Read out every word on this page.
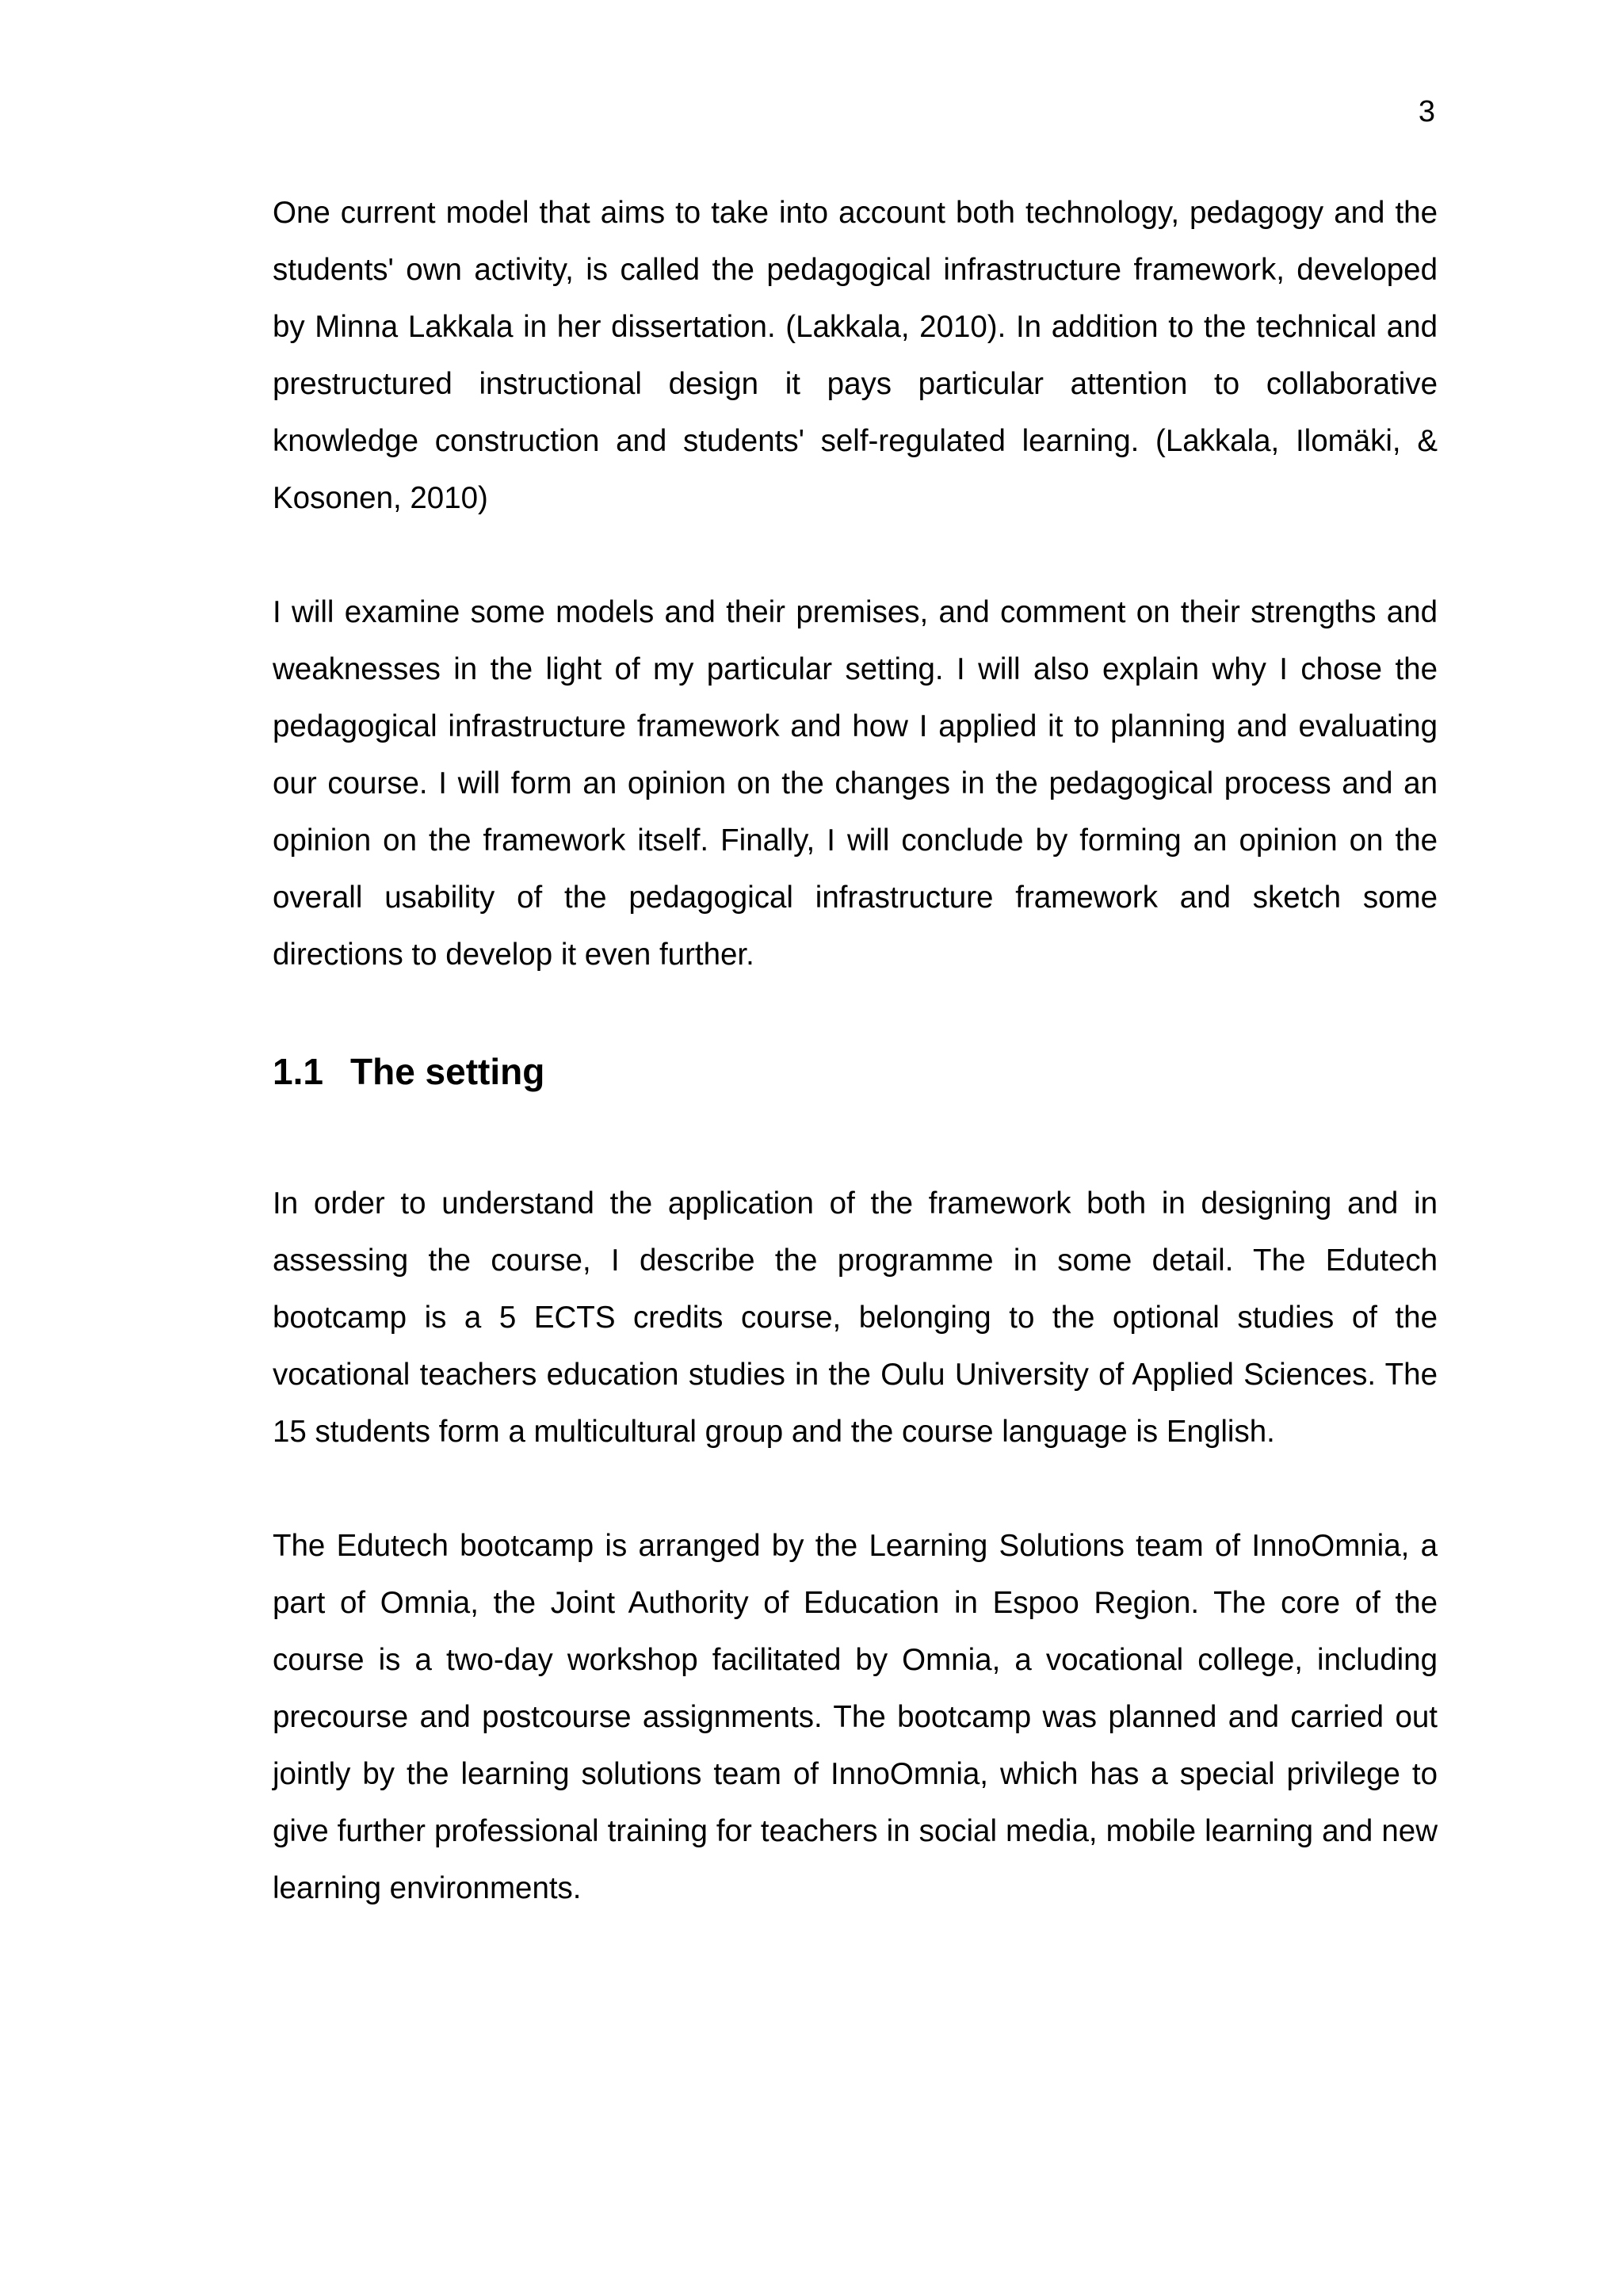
3

One current model that aims to take into account both technology, pedagogy and the students' own activity, is called the pedagogical infrastructure framework, developed by Minna Lakkala in her dissertation. (Lakkala, 2010). In addition to the technical and prestructured instructional design it pays particular attention to collaborative knowledge construction and students' self-regulated learning. (Lakkala, Ilomäki, & Kosonen, 2010)

I will examine some models and their premises, and comment on their strengths and weaknesses in the light of my particular setting. I will also explain why I chose the pedagogical infrastructure framework and how I applied it to planning and evaluating our course. I will form an opinion on the changes in the pedagogical process and an opinion on the framework itself. Finally, I will conclude by forming an opinion on the overall usability of the pedagogical infrastructure framework and sketch some directions to develop it even further.

1.1 The setting

In order to understand the application of the framework both in designing and in assessing the course, I describe the programme in some detail. The Edutech bootcamp is a 5 ECTS credits course, belonging to the optional studies of the vocational teachers education studies in the Oulu University of Applied Sciences. The 15 students form a multicultural group and the course language is English.

The Edutech bootcamp is arranged by the Learning Solutions team of InnoOmnia, a part of Omnia, the Joint Authority of Education in Espoo Region. The core of the course is a two-day workshop facilitated by Omnia, a vocational college, including precourse and postcourse assignments. The bootcamp was planned and carried out jointly by the learning solutions team of InnoOmnia, which has a special privilege to give further professional training for teachers in social media, mobile learning and new learning environments.
